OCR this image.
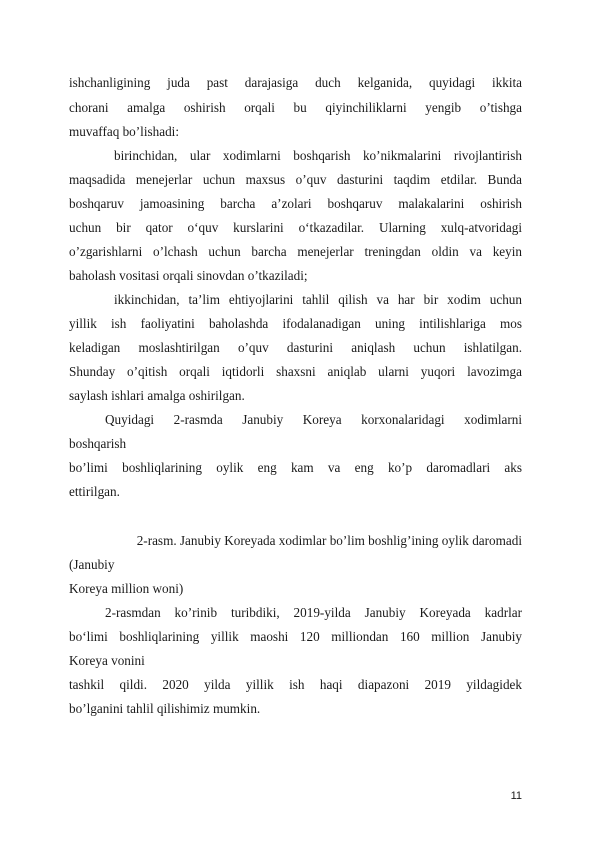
ishchanligining juda past darajasiga duch kelganida, quyidagi ikkita
chorani amalga oshirish orqali bu qiyinchiliklarni yengib o’tishga
muvaffaq bo’lishadi:
birinchidan, ular xodimlarni boshqarish ko’nikmalarini rivojlantirish
maqsadida menejerlar uchun maxsus o’quv dasturini taqdim etdilar. Bunda
boshqaruv jamoasining barcha a’zolari boshqaruv malakalarini oshirish
uchun bir qator o‘quv kurslarini o‘tkazadilar. Ularning xulq-atvoridagi
o’zgarishlarni o’lchash uchun barcha menejerlar treningdan oldin va keyin
baholash vositasi orqali sinovdan o’tkaziladi;
ikkinchidan, ta’lim ehtiyojlarini tahlil qilish va har bir xodim uchun
yillik ish faoliyatini baholashda ifodalanadigan uning intilishlariga mos
keladigan moslashtirilgan o’quv dasturini aniqlash uchun ishlatilgan.
Shunday o’qitish orqali iqtidorli shaxsni aniqlab ularni yuqori lavozimga
saylash ishlari amalga oshirilgan.
Quyidagi 2-rasmda Janubiy Koreya korxonalaridagi xodimlarni
boshqarish
bo’limi boshliqlarining oylik eng kam va eng ko’p daromadlari aks
ettirilgan.
2-rasm. Janubiy Koreyada xodimlar bo’lim boshlig’ining oylik daromadi
(Janubiy
Koreya million woni)
2-rasmdan ko’rinib turibdiki, 2019-yilda Janubiy Koreyada kadrlar
bo‘limi boshliqlarining yillik maoshi 120 milliondan 160 million Janubiy
Koreya vonini
tashkil qildi. 2020 yilda yillik ish haqi diapazoni 2019 yildagidek
bo’lganini tahlil qilishimiz mumkin.
11
